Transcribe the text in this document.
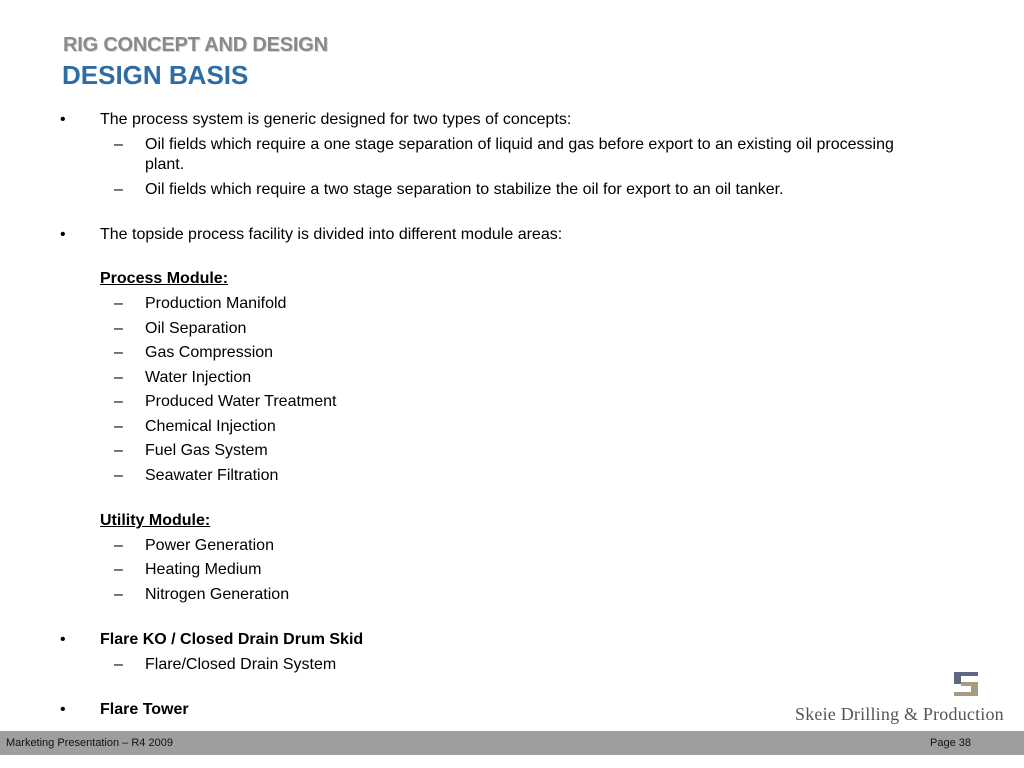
RIG CONCEPT AND DESIGN
DESIGN BASIS
• The process system is generic designed for two types of concepts:
– Oil fields which require a one stage separation of liquid and gas before export to an existing oil processing
plant.
– Oil fields which require a two stage separation to stabilize the oil for export to an oil tanker.
• The topside process facility is divided into different module areas:
Process Module:
– Production Manifold
– Oil Separation
– Gas Compression
– Water Injection
– Produced Water Treatment
– Chemical Injection
– Fuel Gas System
– Seawater Filtration
Utility Module:
– Power Generation
– Heating Medium
– Nitrogen Generation
• Flare KO / Closed Drain Drum Skid
– Flare/Closed Drain System
• Flare Tower	Skeie Drilling & Production
Marketing Presentation – R4 2009	Page 38
